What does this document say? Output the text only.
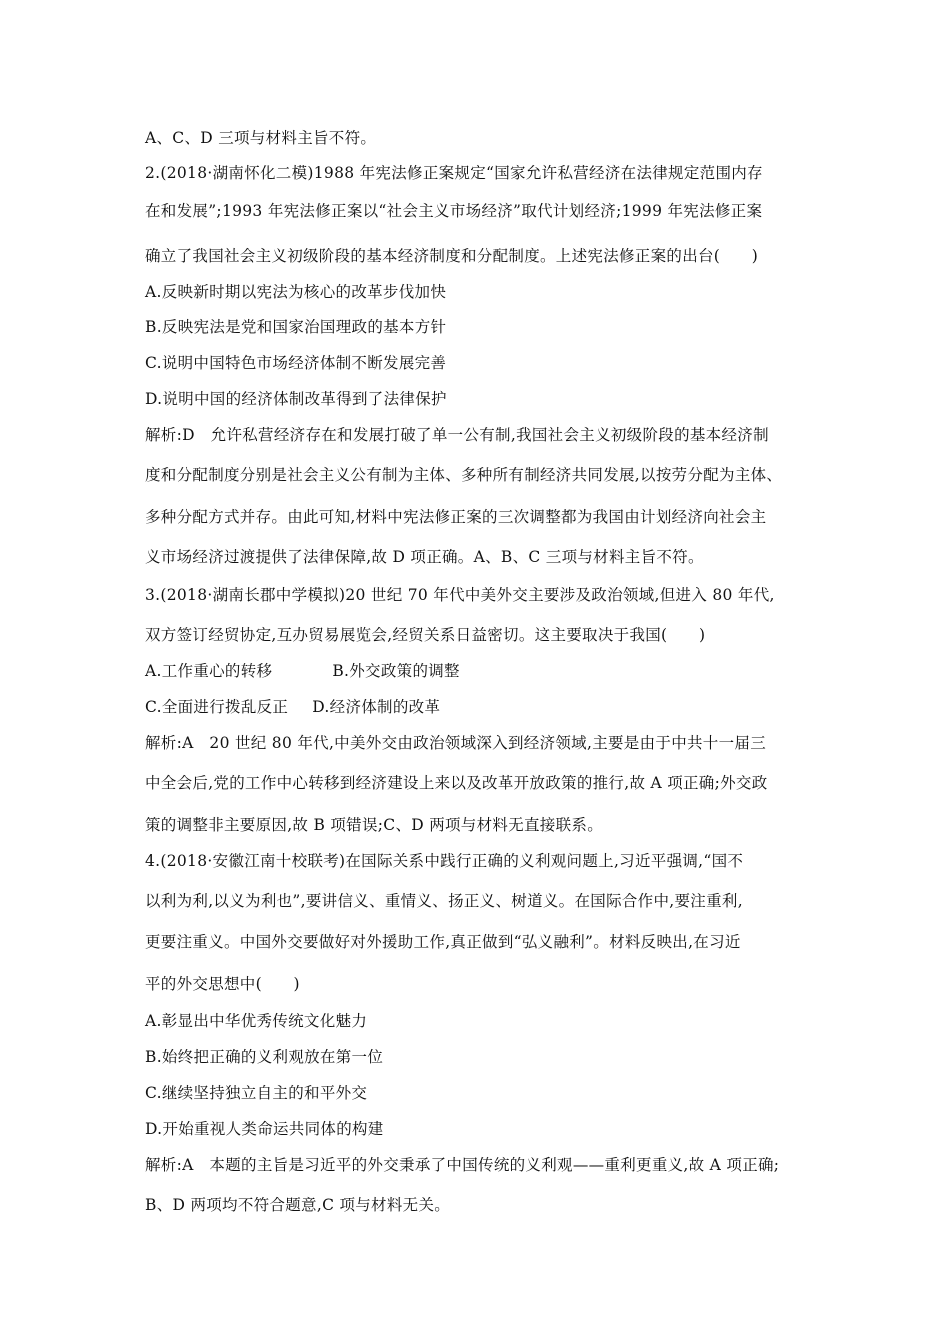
A、C、D 三项与材料主旨不符。
2.(2018·湖南怀化二模)1988 年宪法修正案规定“国家允许私营经济在法律规定范围内存
在和发展”;1993 年宪法修正案以“社会主义市场经济”取代计划经济;1999 年宪法修正案
确立了我国社会主义初级阶段的基本经济制度和分配制度。上述宪法修正案的出台(　　)
A.反映新时期以宪法为核心的改革步伐加快
B.反映宪法是党和国家治国理政的基本方针
C.说明中国特色市场经济体制不断发展完善
D.说明中国的经济体制改革得到了法律保护
解析:D　允许私营经济存在和发展打破了单一公有制,我国社会主义初级阶段的基本经济制
度和分配制度分别是社会主义公有制为主体、多种所有制经济共同发展,以按劳分配为主体、
多种分配方式并存。由此可知,材料中宪法修正案的三次调整都为我国由计划经济向社会主
义市场经济过渡提供了法律保障,故 D 项正确。A、B、C 三项与材料主旨不符。
3.(2018·湖南长郡中学模拟)20 世纪 70 年代中美外交主要涉及政治领域,但进入 80 年代,
双方签订经贸协定,互办贸易展览会,经贸关系日益密切。这主要取决于我国(　　)
A.工作重心的转移	B.外交政策的调整
C.全面进行拨乱反正 D.经济体制的改革
解析:A　20 世纪 80 年代,中美外交由政治领域深入到经济领域,主要是由于中共十一届三
中全会后,党的工作中心转移到经济建设上来以及改革开放政策的推行,故 A 项正确;外交政
策的调整非主要原因,故 B 项错误;C、D 两项与材料无直接联系。
4.(2018·安徽江南十校联考)在国际关系中践行正确的义利观问题上,习近平强调,“国不
以利为利,以义为利也”,要讲信义、重情义、扬正义、树道义。在国际合作中,要注重利,
更要注重义。中国外交要做好对外援助工作,真正做到“弘义融利”。材料反映出,在习近
平的外交思想中(　　)
A.彰显出中华优秀传统文化魅力
B.始终把正确的义利观放在第一位
C.继续坚持独立自主的和平外交
D.开始重视人类命运共同体的构建
解析:A　本题的主旨是习近平的外交秉承了中国传统的义利观——重利更重义,故 A 项正确;
B、D 两项均不符合题意,C 项与材料无关。
